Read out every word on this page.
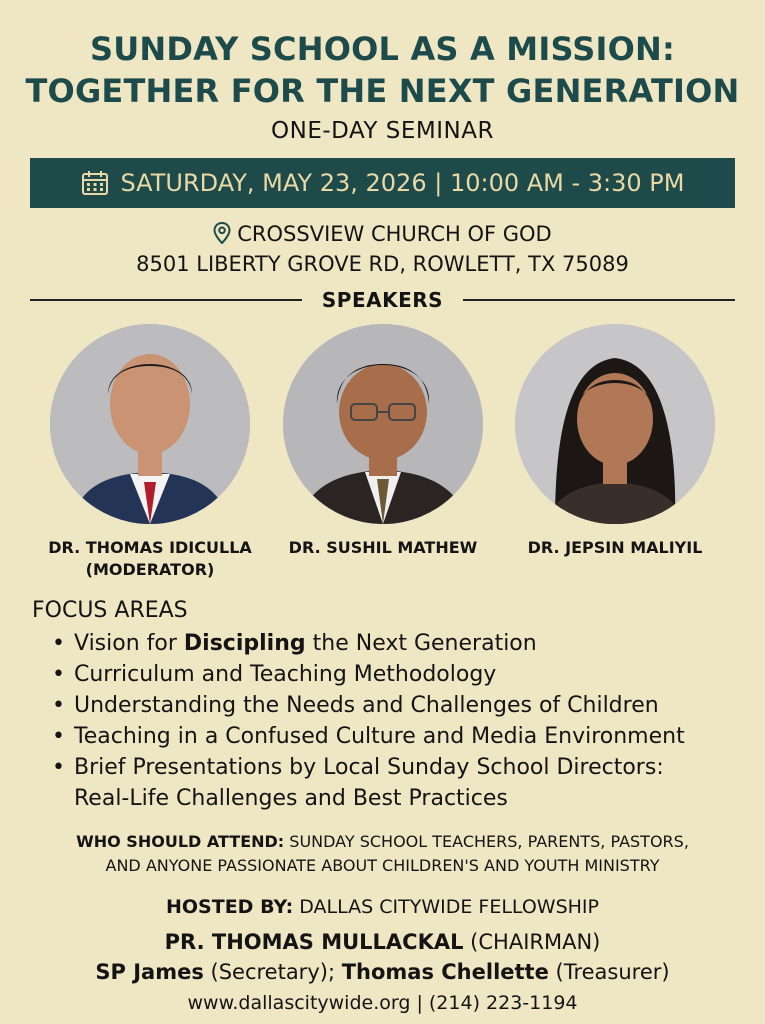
SUNDAY SCHOOL AS A MISSION:
TOGETHER FOR THE NEXT GENERATION
ONE-DAY SEMINAR
SATURDAY, MAY 23, 2026 | 10:00 AM - 3:30 PM
CROSSVIEW CHURCH OF GOD
8501 LIBERTY GROVE RD, ROWLETT, TX 75089
SPEAKERS
DR. THOMAS IDICULLA
(MODERATOR)
DR. SUSHIL MATHEW	DR. JEPSIN MALIYIL
FOCUS AREAS
• Vision for Discipling the Next Generation
• Curriculum and Teaching Methodology
• Understanding the Needs and Challenges of Children
• Teaching in a Confused Culture and Media Environment
• Brief Presentations by Local Sunday School Directors:
Real-Life Challenges and Best Practices
WHO SHOULD ATTEND: SUNDAY SCHOOL TEACHERS, PARENTS, PASTORS,
AND ANYONE PASSIONATE ABOUT CHILDREN'S AND YOUTH MINISTRY
HOSTED BY: DALLAS CITYWIDE FELLOWSHIP
PR. THOMAS MULLACKAL (CHAIRMAN)
SP James (Secretary); Thomas Chellette (Treasurer)
www.dallascitywide.org | (214) 223-1194
